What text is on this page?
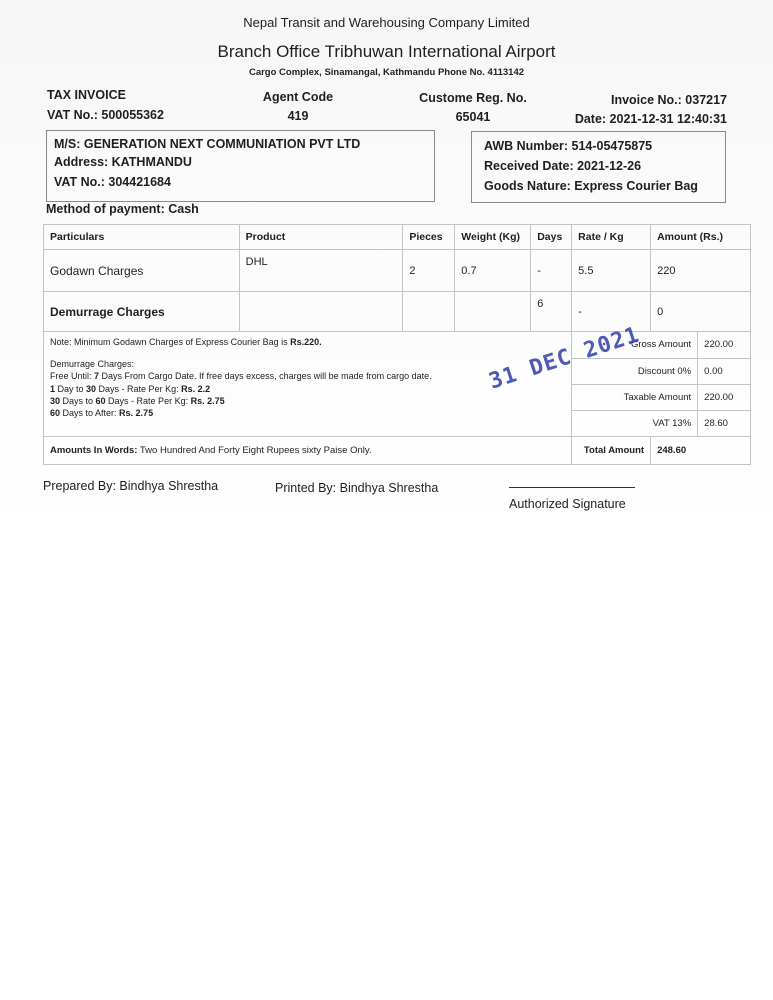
Nepal Transit and Warehousing Company Limited
Branch Office Tribhuwan International Airport
Cargo Complex, Sinamangal, Kathmandu Phone No. 4113142
TAX INVOICE
VAT No.: 500055362
Agent Code
419
Custome Reg. No.
65041
Invoice No.: 037217
Date: 2021-12-31 12:40:31
M/S: GENERATION NEXT COMMUNIATION PVT LTD
Address: KATHMANDU
VAT No.: 304421684
AWB Number: 514-05475875
Received Date: 2021-12-26
Goods Nature: Express Courier Bag
Method of payment: Cash
Particulars	Product	Pieces	Weight (Kg)	Days	Rate / Kg	Amount (Rs.)
Godawn Charges	DHL	2	0.7	-	5.5	220
Demurrage Charges				6	-	0

Note: Minimum Godawn Charges of Express Courier Bag is Rs.220.
Demurrage Charges:
Free Until: 7 Days From Cargo Date. If free days excess, charges will be made from cargo date.
1 Day to 30 Days - Rate Per Kg: Rs. 2.2
30 Days to 60 Days - Rate Per Kg: Rs. 2.75
60 Days to After: Rs. 2.75

Gross Amount	220.00
Discount 0%	0.00
Taxable Amount	220.00
VAT 13%	28.60

Amounts In Words: Two Hundred And Forty Eight Rupees sixty Paise Only.	Total Amount	248.60
31 DEC 2021
Prepared By: Bindhya Shrestha	Printed By: Bindhya Shrestha
Authorized Signature
